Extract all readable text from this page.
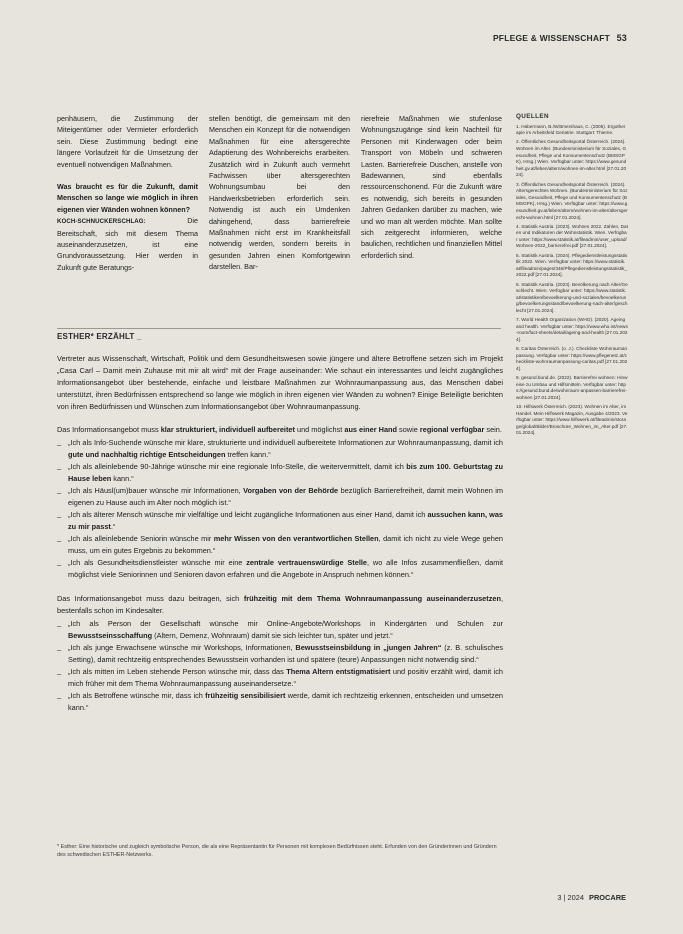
PFLEGE & WISSENSCHAFT 53

penhäusern, die Zustimmung der Miteigentümer oder Vermieter erforderlich sein. Diese Zustimmung bedingt eine längere Vorlaufzeit für die Umsetzung der eventuell notwendigen Maßnahmen.

Was braucht es für die Zukunft, damit Menschen so lange wie möglich in ihren eigenen vier Wänden wohnen können?

KOCH-SCHNUCKERSCHLAG: Die Bereitschaft, sich mit diesem Thema auseinanderzusetzen, ist eine Grundvoraussetzung. Hier werden in Zukunft gute Beratungs-

stellen benötigt, die gemeinsam mit den Menschen ein Konzept für die notwendigen Maßnahmen für eine altersgerechte Adaptierung des Wohnbereichs erarbeiten. Zusätzlich wird in Zukunft auch vermehrt Fachwissen über altersgerechten Wohnungsumbau bei den Handwerksbetrieben erforderlich sein. Notwendig ist auch ein Umdenken dahingehend, dass barrierefreie Maßnahmen nicht erst im Krankheitsfall notwendig werden, sondern bereits in gesunden Jahren einen Komfortgewinn darstellen. Bar-

rierefreie Maßnahmen wie stufenlose Wohnungszugänge sind kein Nachteil für Personen mit Kinderwagen oder beim Transport von Möbeln und schweren Lasten. Barrierefreie Duschen, anstelle von Badewannen, sind ebenfalls ressourcenschonend. Für die Zukunft wäre es notwendig, sich bereits in gesunden Jahren Gedanken darüber zu machen, wie und wo man alt werden möchte. Man sollte sich zeitgerecht informieren, welche baulichen, rechtlichen und finanziellen Mittel erforderlich sind.

ESTHER* ERZÄHLT _

Vertreter aus Wissenschaft, Wirtschaft, Politik und dem Gesundheitswesen sowie jüngere und ältere Betroffene setzen sich im Projekt „Casa Carl – Damit mein Zuhause mit mir alt wird“ mit der Frage auseinander: Wie schaut ein interessantes und leicht zugängliches Informationsangebot über bestehende, einfache und leistbare Maßnahmen zur Wohnraumanpassung aus, das Menschen dabei unterstützt, ihren Bedürfnissen entsprechend so lange wie möglich in ihren eigenen vier Wänden zu wohnen? Einige Beteiligte berichten von ihren Bedürfnissen und Wünschen zum Informationsangebot über Wohnraumanpassung.

Das Informationsangebot muss klar strukturiert, individuell aufbereitet und möglichst aus einer Hand sowie regional verfügbar sein.

_ „Ich als Info-Suchende wünsche mir klare, strukturierte und individuell aufbereitete Informationen zur Wohnraumanpassung, damit ich gute und nachhaltig richtige Entscheidungen treffen kann.“
_ „Ich als alleinlebende 90-Jährige wünsche mir eine regionale Info-Stelle, die weitervermittelt, damit ich bis zum 100. Geburtstag zu Hause leben kann.“
_ „Ich als Häusl(um)bauer wünsche mir Informationen, Vorgaben von der Behörde bezüglich Barrierefreiheit, damit mein Wohnen im eigenen zu Hause auch im Alter noch möglich ist.“
_ „Ich als älterer Mensch wünsche mir vielfältige und leicht zugängliche Informationen aus einer Hand, damit ich aussuchen kann, was zu mir passt.“
_ „Ich als alleinlebende Seniorin wünsche mir mehr Wissen von den verantwortlichen Stellen, damit ich nicht zu viele Wege gehen muss, um ein gutes Ergebnis zu bekommen.“
_ „Ich als Gesundheitsdienstleister wünsche mir eine zentrale vertrauenswürdige Stelle, wo alle Infos zusammenfließen, damit möglichst viele Seniorinnen und Senioren davon erfahren und die Angebote in Anspruch nehmen können.“

Das Informationsangebot muss dazu beitragen, sich frühzeitig mit dem Thema Wohnraumanpassung auseinanderzusetzen, bestenfalls schon im Kindesalter.

_ „Ich als Person der Gesellschaft wünsche mir Online-Angebote/Workshops in Kindergärten und Schulen zur Bewusstseinsschaffung (Altern, Demenz, Wohnraum) damit sie sich leichter tun, später und jetzt.“
_ „Ich als junge Erwachsene wünsche mir Workshops, Informationen, Bewusstseinsbildung in „jungen Jahren“ (z. B. schulisches Setting), damit rechtzeitig entsprechendes Bewusstsein vorhanden ist und spätere (teure) Anpassungen nicht notwendig sind.“
_ „Ich als mitten im Leben stehende Person wünsche mir, dass das Thema Altern entstigmatisiert und positiv erzählt wird, damit ich mich früher mit dem Thema Wohnraumanpassung auseinandersetze.“
_ „Ich als Betroffene wünsche mir, dass ich frühzeitig sensibilisiert werde, damit ich rechtzeitig erkennen, entscheiden und umsetzen kann.“
* Esther: Eine historische und zugleich symbolische Person, die als eine Repräsentantin für Personen mit komplexen Bedürfnissen steht. Erfunden von den Gründerinnen und Gründern des schwedischen ESTHER-Netzwerks.
QUELLEN
1. Habermann, B./Wittmershaus, C. (2005). Ergotherapie im Arbeitsfeld Geriatrie. Stuttgart: Thieme.
2. Öffentliches Gesundheitsportal Österreich. (2024). Wohnen im Alter. (Bundesministerium für Soziales, Gesundheit, Pflege und Konsumentenschutz (BMSGPK), Hrsg.) Wien. Verfügbar unter: https://www.gesundheit.gv.at/leben/altern/wohnen-im-alter.html [27.01.2024].
3. Öffentliches Gesundheitsportal Österreich. (2024). Altersgerechtes Wohnen. (Bundesministerium für Soziales, Gesundheit, Pflege und Konsumentenschutz (BMSGPK), Hrsg.) Wien. Verfügbar unter: https://www.gesundheit.gv.at/leben/altern/wohnen-im-alter/altersgerecht-wohnen.html [27.01.2024].
4. Statistik Austria. (2023). Wohnen 2022. Zahlen, Daten und Indikatoren der Wohnstatistik. Wien. Verfügbar unter: https://www.statistik.at/fileadmin/user_upload/Wohnen-2022_barrierefrei.pdf [27.01.2024].
5. Statistik Austria. (2024). Pflegedienstleistungsstatistik 2022. Wien. Verfügbar unter: https://www.statistik.at/fileadmin/pages/346/Pflegedienstleistungsstatistik_2022.pdf [27.01.2024].
6. Statistik Austria. (2023). Bevölkerung nach Alter/Geschlecht. Wien. Verfügbar unter: https://www.statistik.at/statistiken/bevoelkerung-und-soziales/bevoelkerung/bevoelkerungsstand/bevoelkerung-nach-alter/geschlecht [27.01.2024].
7. World Health Organization (WHO). (2020). Ageing and health. Verfügbar unter: https://www.who.int/news-room/fact-sheets/detail/ageing-and-health [27.01.2024].
8. Caritas Österreich. (o. J.). Checkliste Wohnraumanpassung. Verfügbar unter: https://www.pflegenetz.at/checkliste-wohnraumanpassung-caritas.pdf [27.01.2024].
9. gesund.bund.de. (2022). Barrierefrei wohnen: Hinweise zu Umbau und Hilfsmitteln. Verfügbar unter: https://gesund.bund.de/wohnraum-anpassen-barrierefrei-wohnen [27.01.2024].
10. Hilfswerk Österreich. (2023). Wohnen im Alter, im Handel. Mein Hilfswerk Magazin, Ausgabe 4/2023. Verfügbar unter: https://www.hilfswerk.at/fileadmin/storage/global/Bilder/Broschüre_Wohnen_im_Alter.pdf [27.01.2024].
3 | 2024 PROCARE
